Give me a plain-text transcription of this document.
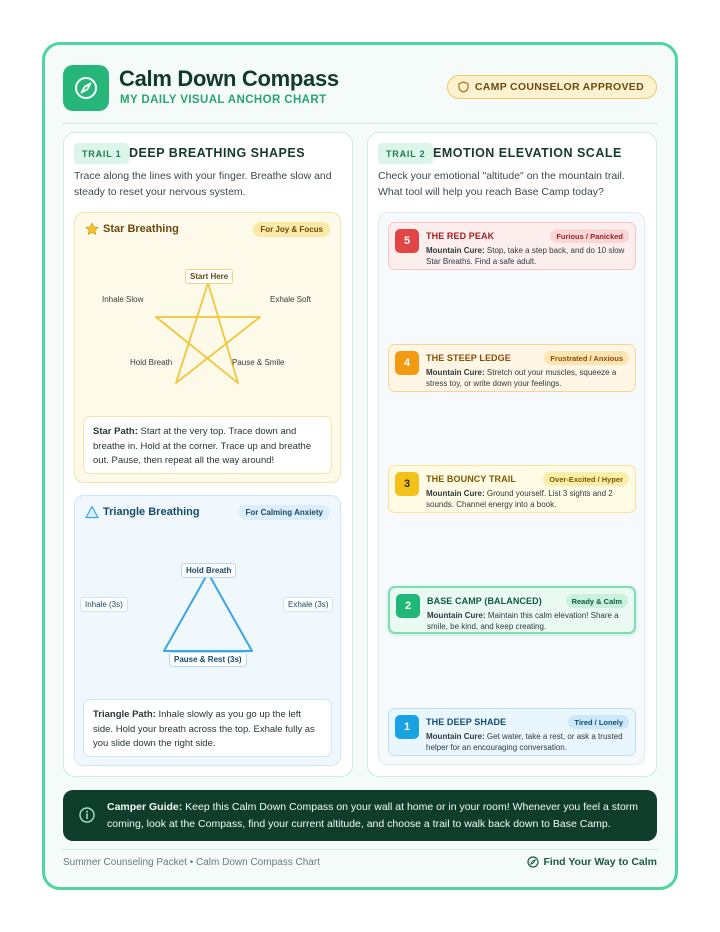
Calm Down Compass
MY DAILY VISUAL ANCHOR CHART
CAMP COUNSELOR APPROVED
TRAIL 1 DEEP BREATHING SHAPES
Trace along the lines with your finger. Breathe slow and steady to reset your nervous system.
Star Breathing	For Joy & Focus
Start Here
Inhale Slow	Exhale Soft
Hold Breath	Pause & Smile
Star Path: Start at the very top. Trace down and breathe in. Hold at the corner. Trace up and breathe out. Pause, then repeat all the way around!
Triangle Breathing	For Calming Anxiety
Hold Breath
Inhale (3s)	Exhale (3s)
Pause & Rest (3s)
Triangle Path: Inhale slowly as you go up the left side. Hold your breath across the top. Exhale fully as you slide down the right side.
TRAIL 2 EMOTION ELEVATION SCALE
Check your emotional "altitude" on the mountain trail. What tool will help you reach Base Camp today?
5	THE RED PEAK	Furious / Panicked
Mountain Cure: Stop, take a step back, and do 10 slow Star Breaths. Find a safe adult.
4	THE STEEP LEDGE	Frustrated / Anxious
Mountain Cure: Stretch out your muscles, squeeze a stress toy, or write down your feelings.
3	THE BOUNCY TRAIL	Over-Excited / Hyper
Mountain Cure: Ground yourself. List 3 sights and 2 sounds. Channel energy into a book.
2	BASE CAMP (BALANCED)	Ready & Calm
Mountain Cure: Maintain this calm elevation! Share a smile, be kind, and keep creating.
1	THE DEEP SHADE	Tired / Lonely
Mountain Cure: Get water, take a rest, or ask a trusted helper for an encouraging conversation.
Camper Guide: Keep this Calm Down Compass on your wall at home or in your room! Whenever you feel a storm coming, look at the Compass, find your current altitude, and choose a trail to walk back down to Base Camp.
Summer Counseling Packet • Calm Down Compass Chart	Find Your Way to Calm
